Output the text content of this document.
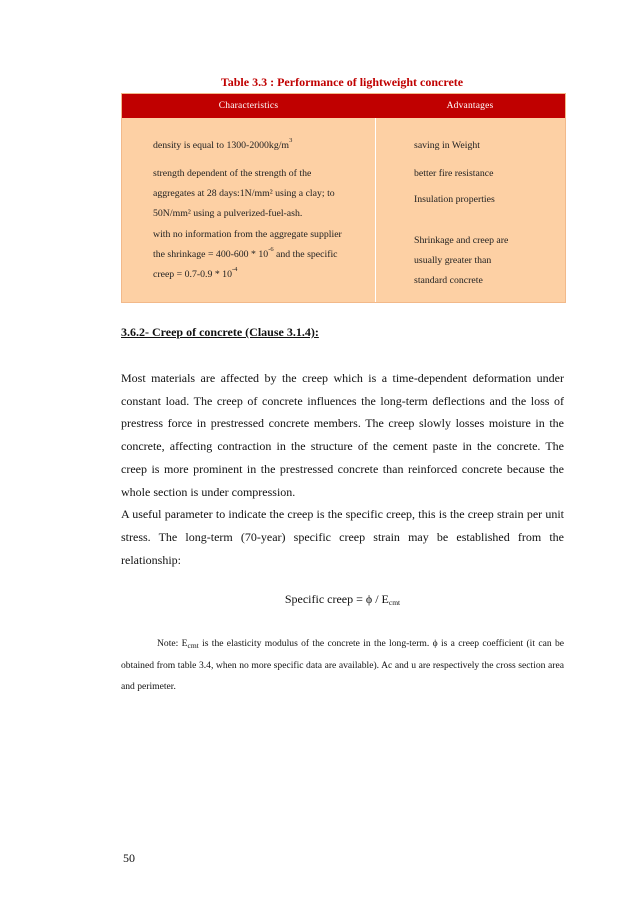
Table 3.3 : Performance of lightweight concrete
Characteristics	Advantages
density is equal to $1300-2000kg/m^3$
strength dependent of the strength of the
aggregates at 28 days:1N/mm² using a clay; to
50N/mm² using a pulverized-fuel-ash.
with no information from the aggregate supplier
the shrinkage = $400-600 * 10^{-6}$ and the specific
creep = $0.7-0.9 * 10^{-4}$
saving in Weight
better fire resistance
Insulation properties
Shrinkage and creep are
usually greater than
standard concrete
3.6.2- Creep of concrete (Clause 3.1.4):

Most materials are affected by the creep which is a time-dependent deformation under constant load. The creep of concrete influences the long-term deflections and the loss of prestress force in prestressed concrete members. The creep slowly losses moisture in the concrete, affecting contraction in the structure of the cement paste in the concrete. The creep is more prominent in the prestressed concrete than reinforced concrete because the whole section is under compression.

A useful parameter to indicate the creep is the specific creep, this is the creep strain per unit stress. The long-term (70-year) specific creep strain may be established from the relationship:

Specific creep = ϕ / Ecmt
Note: $E_{cmt}$ is the elasticity modulus of the concrete in the long-term. ϕ is a creep coefficient (it can be obtained from table 3.4, when no more specific data are available). Ac and u are respectively the cross section area and perimeter.
50
